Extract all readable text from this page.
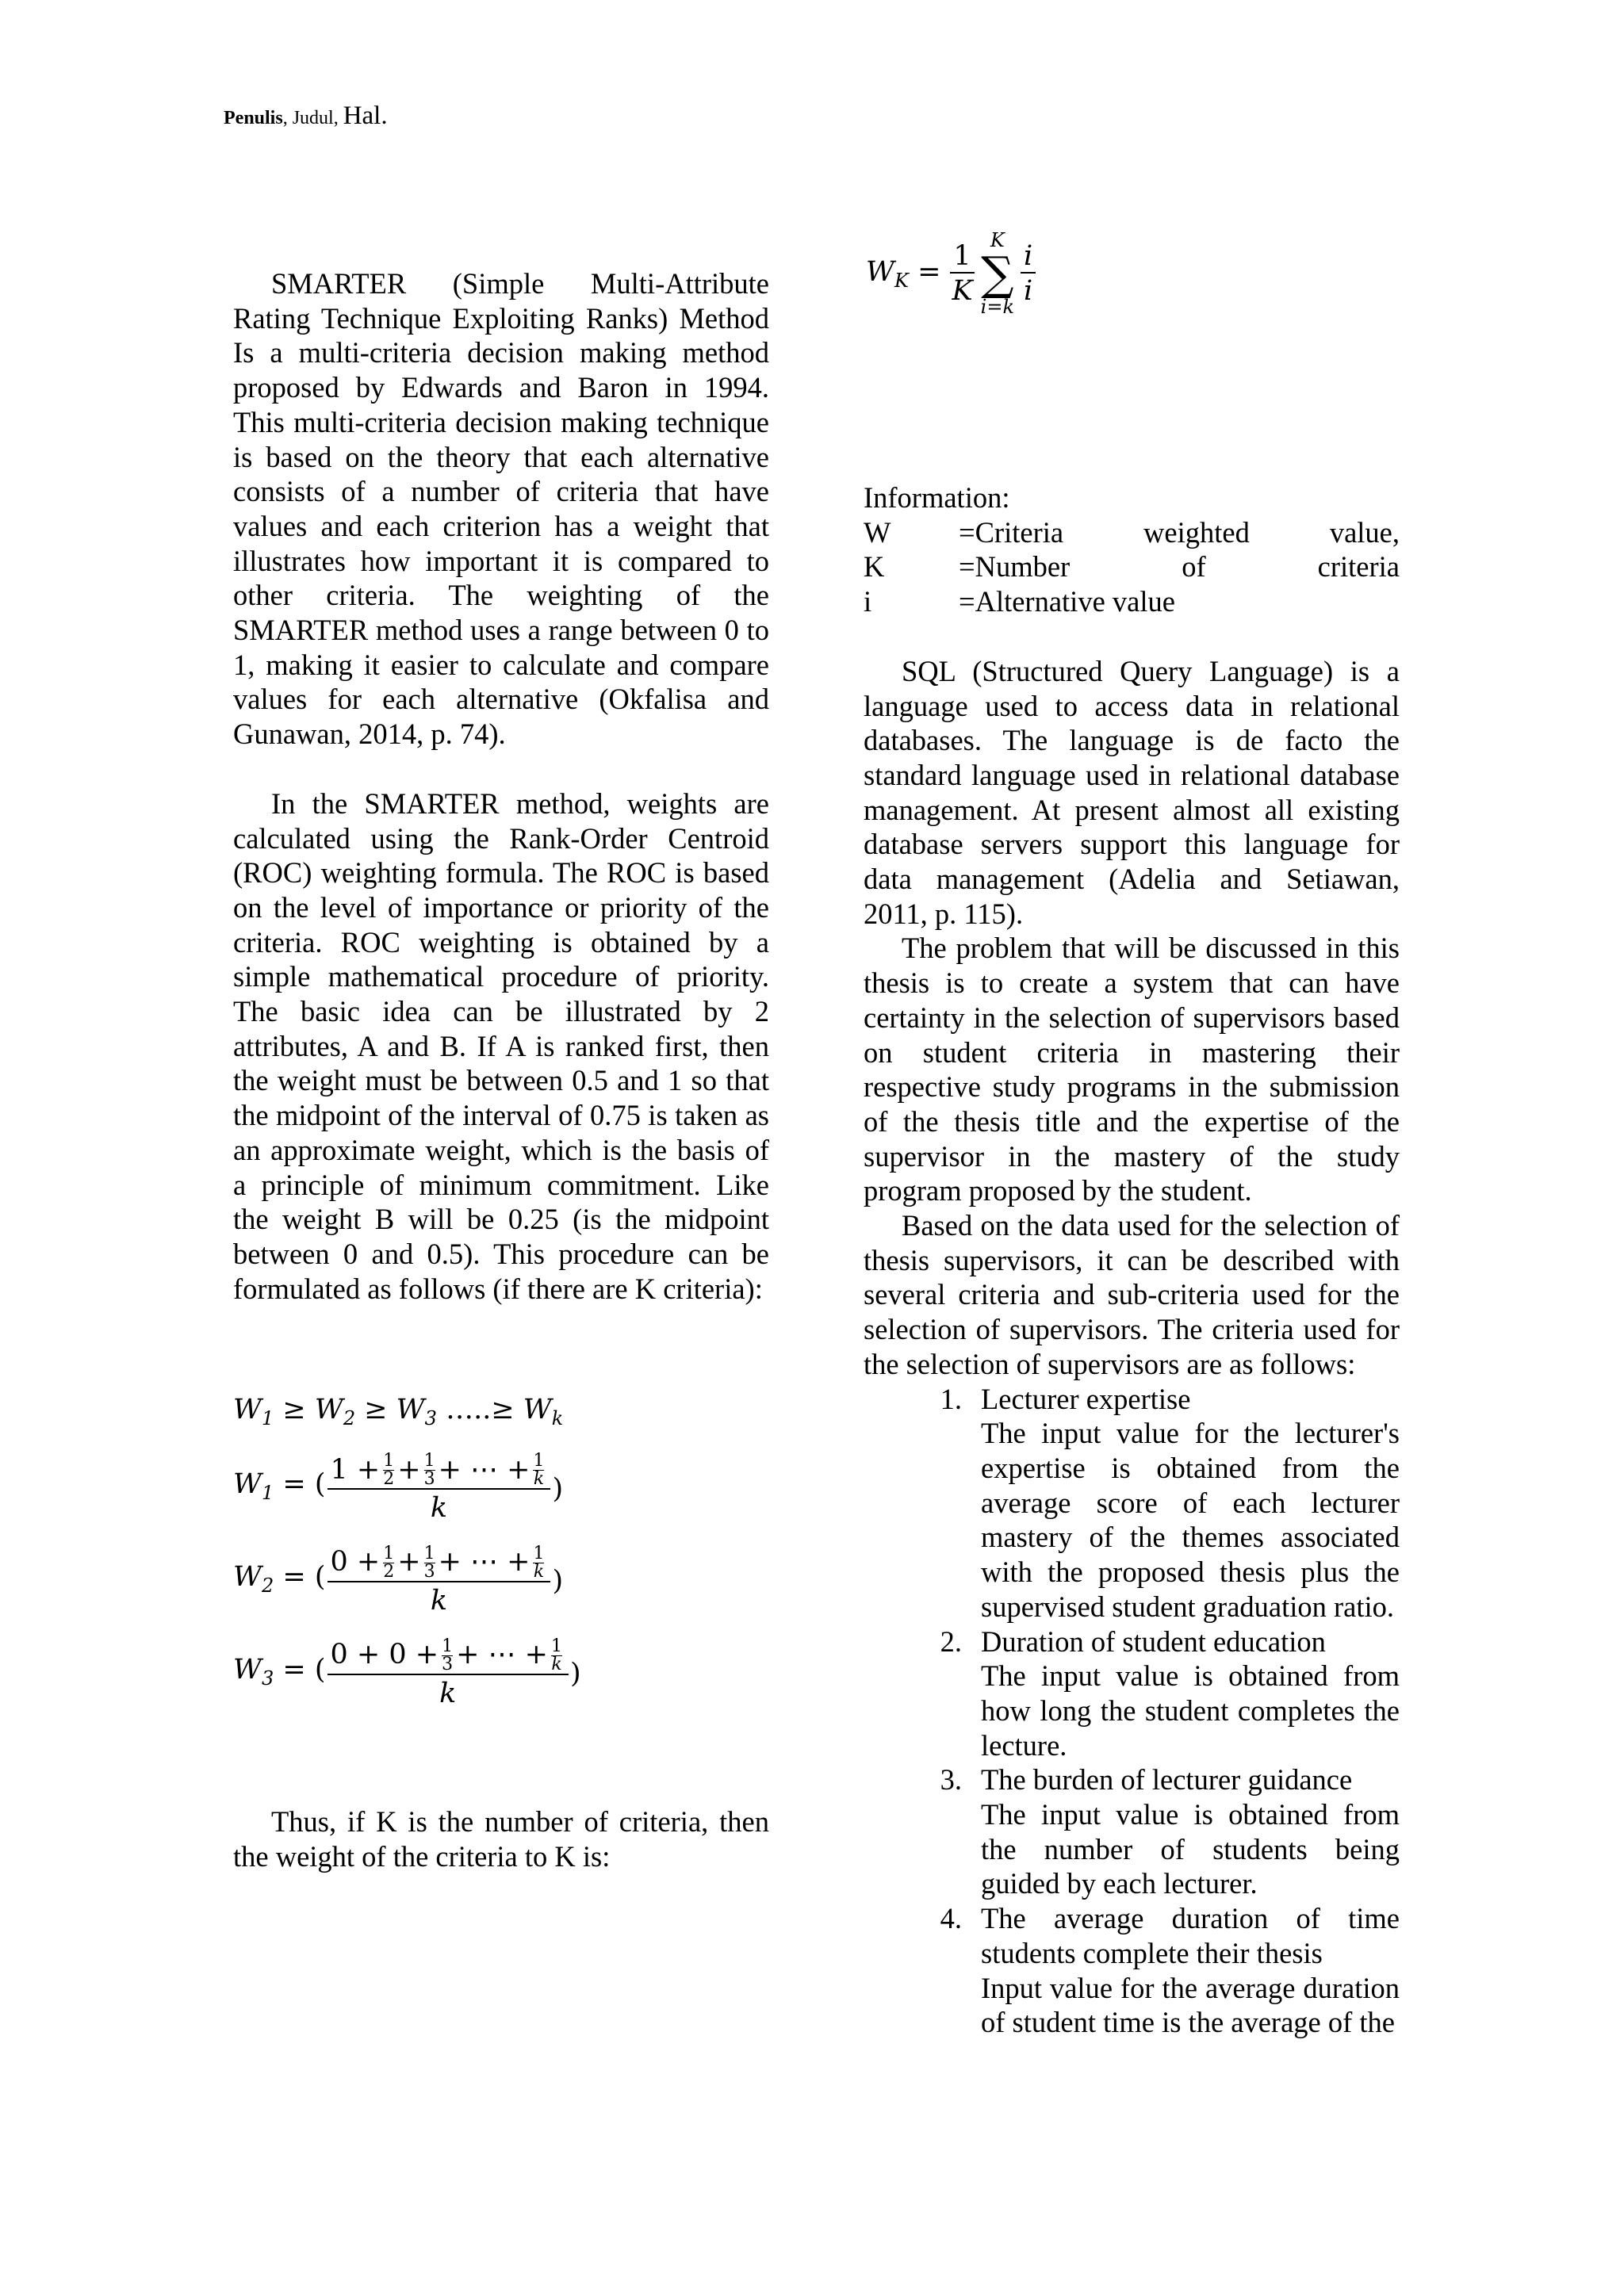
Penulis, Judul, Hal.

SMARTER (Simple Multi-Attribute Rating Technique Exploiting Ranks) Method Is a multi-criteria decision making method proposed by Edwards and Baron in 1994. This multi-criteria decision making technique is based on the theory that each alternative consists of a number of criteria that have values and each criterion has a weight that illustrates how important it is compared to other criteria. The weighting of the SMARTER method uses a range between 0 to 1, making it easier to calculate and compare values for each alternative (Okfalisa and Gunawan, 2014, p. 74).

In the SMARTER method, weights are calculated using the Rank-Order Centroid (ROC) weighting formula. The ROC is based on the level of importance or priority of the criteria. ROC weighting is obtained by a simple mathematical procedure of priority. The basic idea can be illustrated by 2 attributes, A and B. If A is ranked first, then the weight must be between 0.5 and 1 so that the midpoint of the interval of 0.75 is taken as an approximate weight, which is the basis of a principle of minimum commitment. Like the weight B will be 0.25 (is the midpoint between 0 and 0.5). This procedure can be formulated as follows (if there are K criteria):

$W_1 \ge W_2 \ge W_3$ …..≥ $W_k$
$W_1$ = ( 1 + 1
2 + 1
3 + ⋯ + 1
k
k )
$W_2$ = ( 0 + 1
2 + 1
3 + ⋯ + 1
k
k )
$W_3$ = ( 0 + 0 + 1
3 + ⋯ + 1
k
k )

Thus, if K is the number of criteria, then the weight of the criteria to K is:

$W_K = \frac{1}{K}$ K
∑
$i=k \frac{i}{i}$
Information:
W	=Criteria weighted value,
K	=Number of criteria
i	=Alternative value

SQL (Structured Query Language) is a language used to access data in relational databases. The language is de facto the standard language used in relational database management. At present almost all existing database servers support this language for data management (Adelia and Setiawan, 2011, p. 115).

The problem that will be discussed in this thesis is to create a system that can have certainty in the selection of supervisors based on student criteria in mastering their respective study programs in the submission of the thesis title and the expertise of the supervisor in the mastery of the study program proposed by the student.

Based on the data used for the selection of thesis supervisors, it can be described with several criteria and sub-criteria used for the selection of supervisors. The criteria used for the selection of supervisors are as follows:

1. Lecturer expertise
The input value for the lecturer's expertise is obtained from the average score of each lecturer mastery of the themes associated with the proposed thesis plus the supervised student graduation ratio.
2. Duration of student education
The input value is obtained from how long the student completes the lecture.
3. The burden of lecturer guidance
The input value is obtained from the number of students being guided by each lecturer.
4. The average duration of time students complete their thesis
Input value for the average duration of student time is the average of the
